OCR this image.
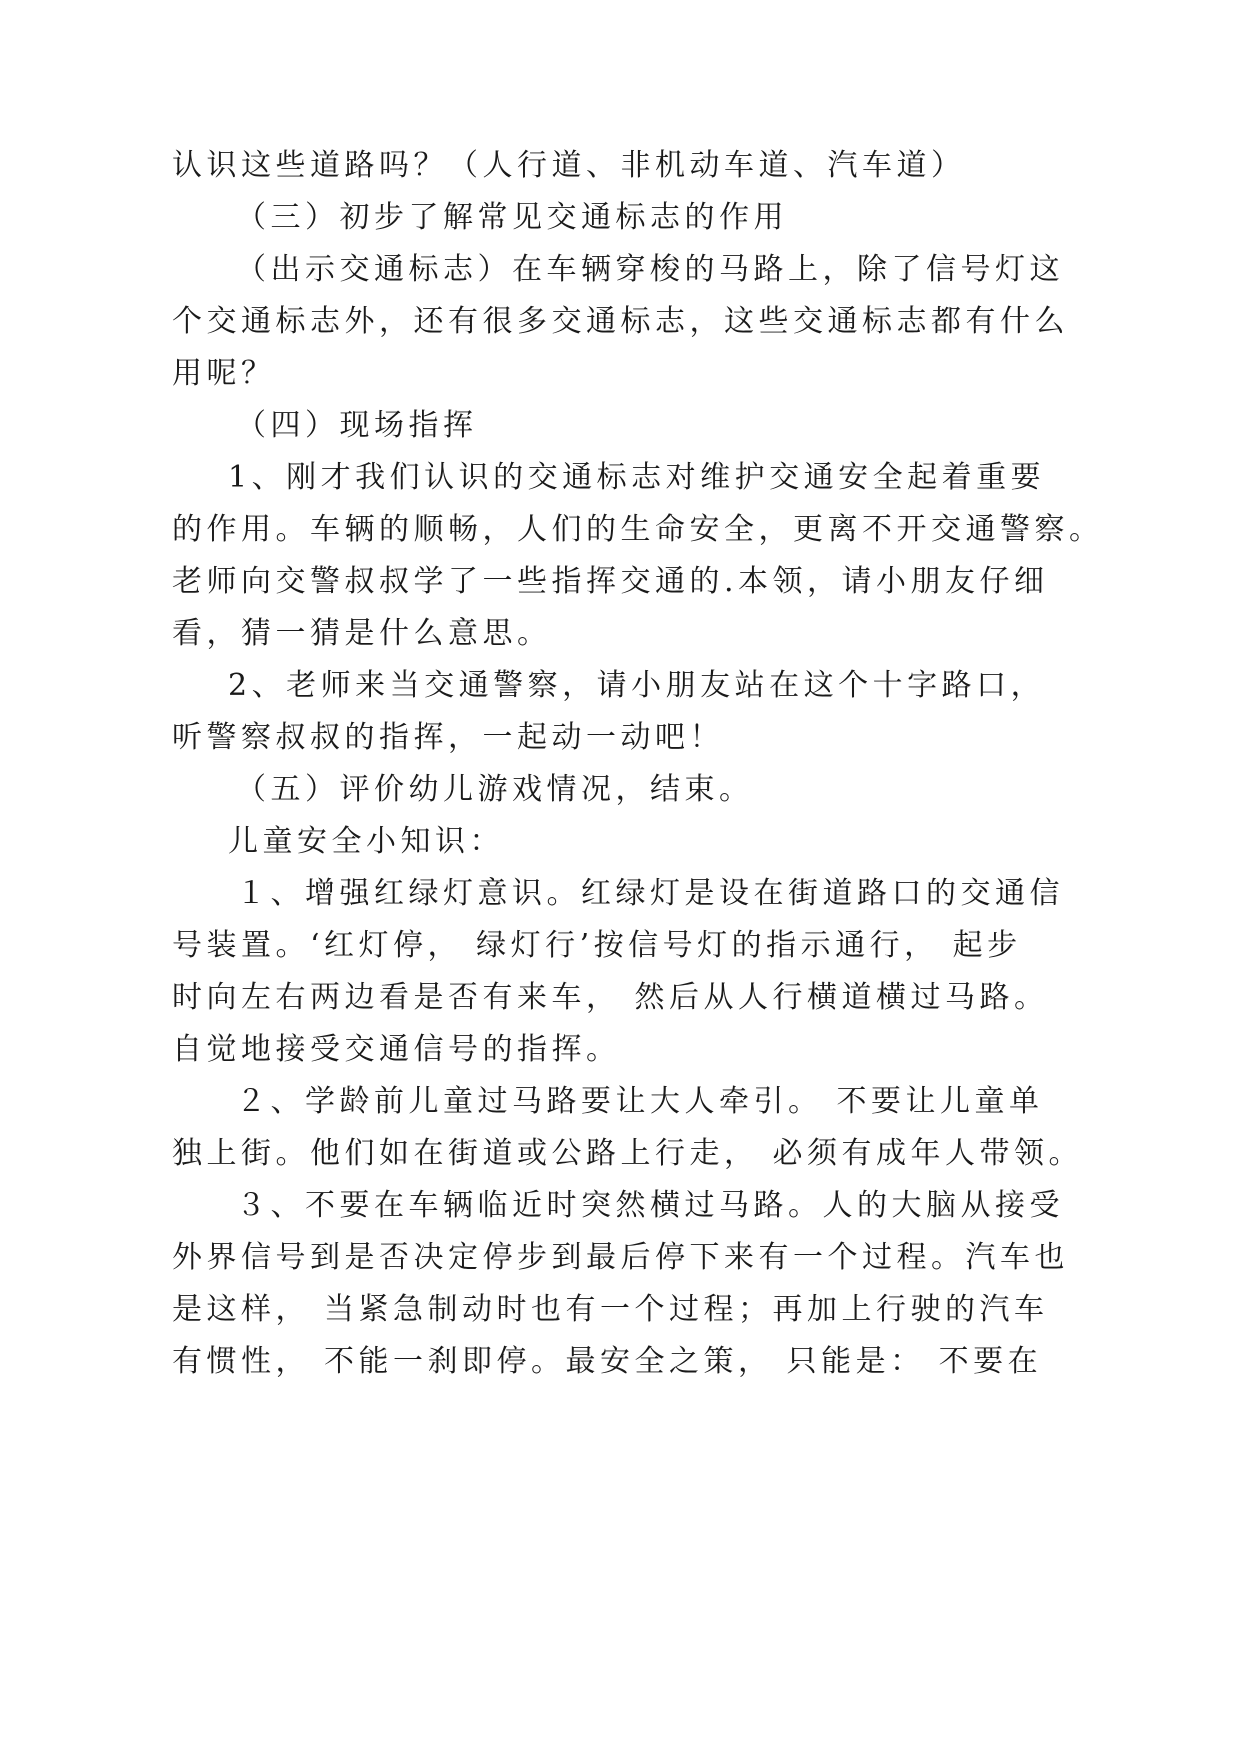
认识这些道路吗？（人行道、非机动车道、汽车道）

（三）初步了解常见交通标志的作用

（出示交通标志）在车辆穿梭的马路上，除了信号灯这

个交通标志外，还有很多交通标志，这些交通标志都有什么

用呢？

（四）现场指挥

1、刚才我们认识的交通标志对维护交通安全起着重要

的作用。车辆的顺畅，人们的生命安全，更离不开交通警察。

老师向交警叔叔学了一些指挥交通的.本领，请小朋友仔细

看，猜一猜是什么意思。

2、老师来当交通警察，请小朋友站在这个十字路口，

听警察叔叔的指挥，一起动一动吧！

（五）评价幼儿游戏情况，结束。

儿童安全小知识：

１、增强红绿灯意识。红绿灯是设在街道路口的交通信

号装置。‘红灯停， 绿灯行’按信号灯的指示通行， 起步

时向左右两边看是否有来车， 然后从人行横道横过马路。

自觉地接受交通信号的指挥。

２、学龄前儿童过马路要让大人牵引。 不要让儿童单

独上街。他们如在街道或公路上行走， 必须有成年人带领。

３、不要在车辆临近时突然横过马路。人的大脑从接受

外界信号到是否决定停步到最后停下来有一个过程。汽车也

是这样， 当紧急制动时也有一个过程；再加上行驶的汽车

有惯性， 不能一刹即停。最安全之策， 只能是： 不要在
